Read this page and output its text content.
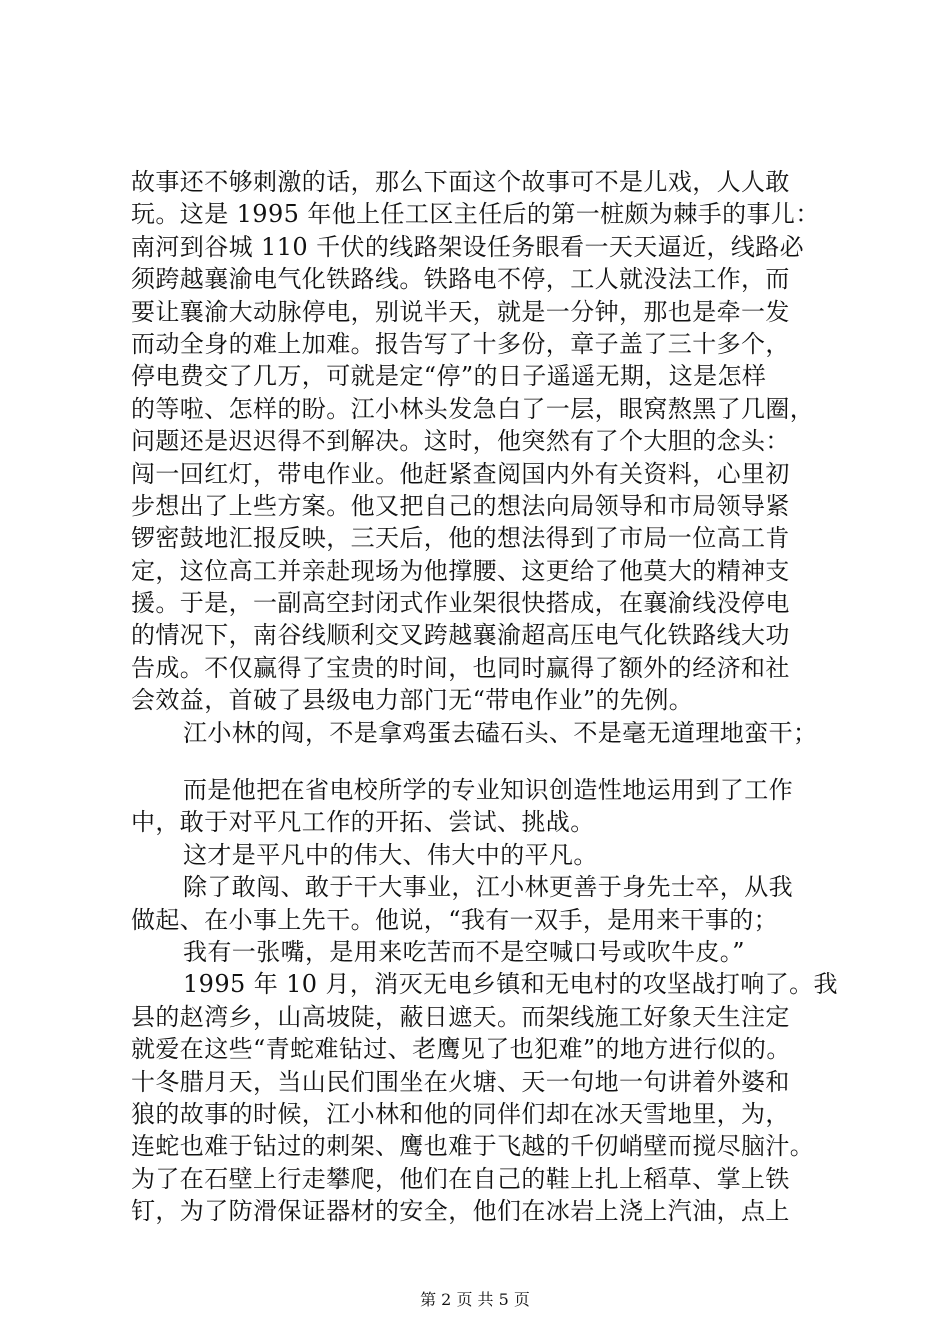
故事还不够刺激的话，那么下面这个故事可不是儿戏，人人敢
玩。这是 1995 年他上任工区主任后的第一桩颇为棘手的事儿：
南河到谷城 110 千伏的线路架设任务眼看一天天逼近，线路必
须跨越襄渝电气化铁路线。铁路电不停，工人就没法工作，而
要让襄渝大动脉停电，别说半天，就是一分钟，那也是牵一发
而动全身的难上加难。报告写了十多份，章子盖了三十多个，
停电费交了几万，可就是定“停”的日子遥遥无期，这是怎样
的等啦、怎样的盼。江小林头发急白了一层，眼窝熬黑了几圈，
问题还是迟迟得不到解决。这时，他突然有了个大胆的念头：
闯一回红灯，带电作业。他赶紧查阅国内外有关资料，心里初
步想出了上些方案。他又把自己的想法向局领导和市局领导紧
锣密鼓地汇报反映，三天后，他的想法得到了市局一位高工肯
定，这位高工并亲赴现场为他撑腰、这更给了他莫大的精神支
援。于是，一副高空封闭式作业架很快搭成，在襄渝线没停电
的情况下，南谷线顺利交叉跨越襄渝超高压电气化铁路线大功
告成。不仅赢得了宝贵的时间，也同时赢得了额外的经济和社
会效益，首破了县级电力部门无“带电作业”的先例。
江小林的闯，不是拿鸡蛋去磕石头、不是毫无道理地蛮干；
而是他把在省电校所学的专业知识创造性地运用到了工作
中，敢于对平凡工作的开拓、尝试、挑战。
这才是平凡中的伟大、伟大中的平凡。
除了敢闯、敢于干大事业，江小林更善于身先士卒，从我
做起、在小事上先干。他说，“我有一双手，是用来干事的；
我有一张嘴，是用来吃苦而不是空喊口号或吹牛皮。”
1995 年 10 月，消灭无电乡镇和无电村的攻坚战打响了。我
县的赵湾乡，山高坡陡，蔽日遮天。而架线施工好象天生注定
就爱在这些“青蛇难钻过、老鹰见了也犯难”的地方进行似的。
十冬腊月天，当山民们围坐在火塘、天一句地一句讲着外婆和
狼的故事的时候，江小林和他的同伴们却在冰天雪地里，为，
连蛇也难于钻过的刺架、鹰也难于飞越的千仞峭壁而搅尽脑汁。
为了在石壁上行走攀爬，他们在自己的鞋上扎上稻草、掌上铁
钉，为了防滑保证器材的安全，他们在冰岩上浇上汽油，点上
第 2 页 共 5 页
